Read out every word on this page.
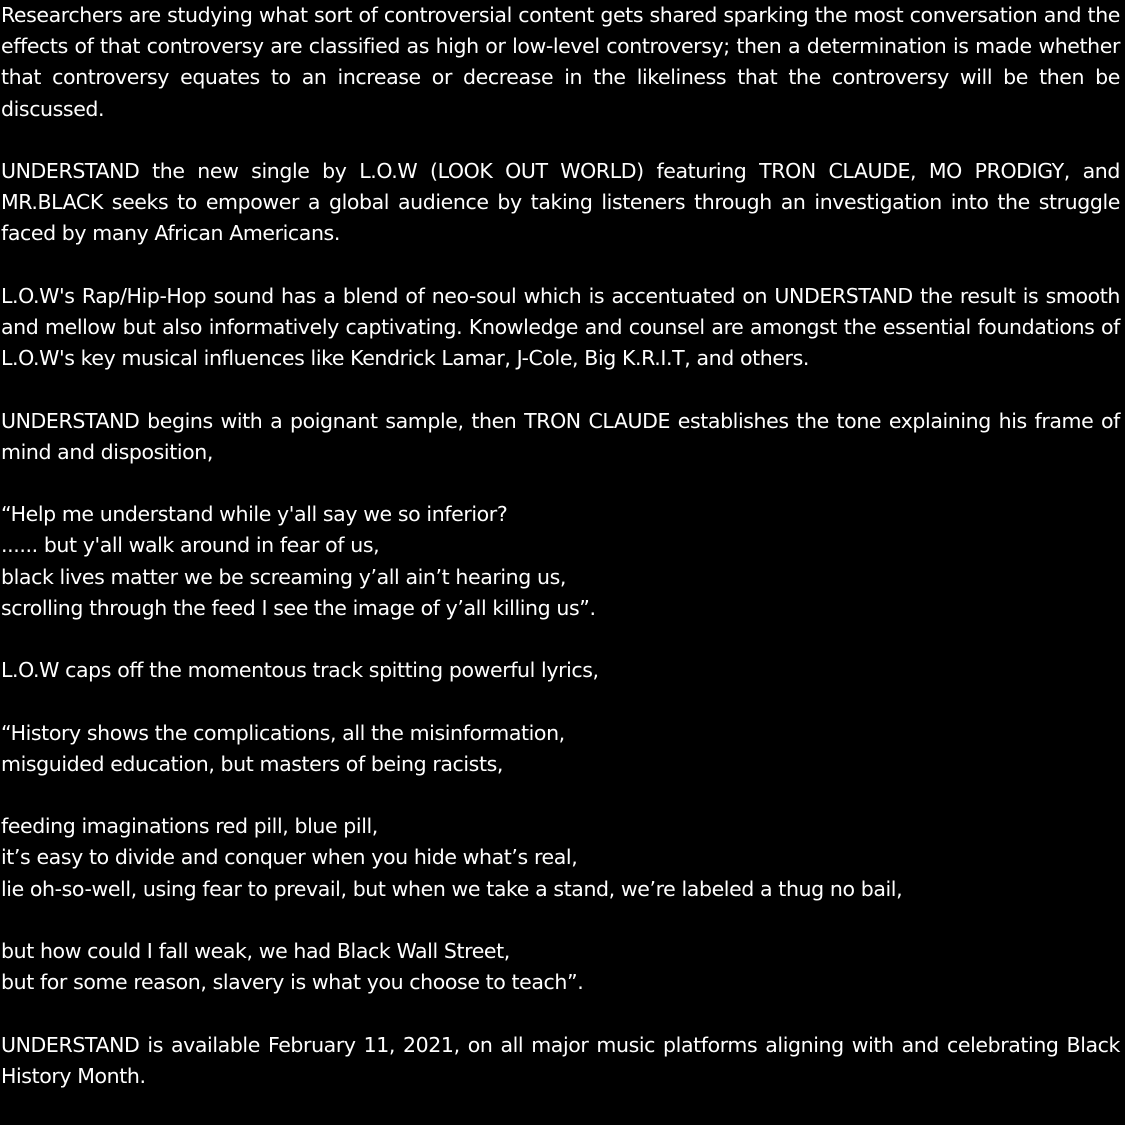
Researchers are studying what sort of controversial content gets shared sparking the most conversation and the effects of that controversy are classified as high or low-level controversy; then a determination is made whether that controversy equates to an increase or decrease in the likeliness that the controversy will be then be discussed.

UNDERSTAND the new single by L.O.W (LOOK OUT WORLD) featuring TRON CLAUDE, MO PRODIGY, and MR.BLACK seeks to empower a global audience by taking listeners through an investigation into the struggle faced by many African Americans.

L.O.W's Rap/Hip-Hop sound has a blend of neo-soul which is accentuated on UNDERSTAND the result is smooth and mellow but also informatively captivating. Knowledge and counsel are amongst the essential foundations of L.O.W's key musical influences like Kendrick Lamar, J-Cole, Big K.R.I.T, and others.

UNDERSTAND begins with a poignant sample, then TRON CLAUDE establishes the tone explaining his frame of mind and disposition,

“Help me understand while y'all say we so inferior?
...... but y'all walk around in fear of us,
black lives matter we be screaming y’all ain’t hearing us,
scrolling through the feed I see the image of y’all killing us”.

L.O.W caps off the momentous track spitting powerful lyrics,

“History shows the complications, all the misinformation,
misguided education, but masters of being racists,
feeding imaginations red pill, blue pill,
it’s easy to divide and conquer when you hide what’s real,
lie oh-so-well, using fear to prevail, but when we take a stand, we’re labeled a thug no bail,
but how could I fall weak, we had Black Wall Street,
but for some reason, slavery is what you choose to teach”.

UNDERSTAND is available February 11, 2021, on all major music platforms aligning with and celebrating Black History Month.
